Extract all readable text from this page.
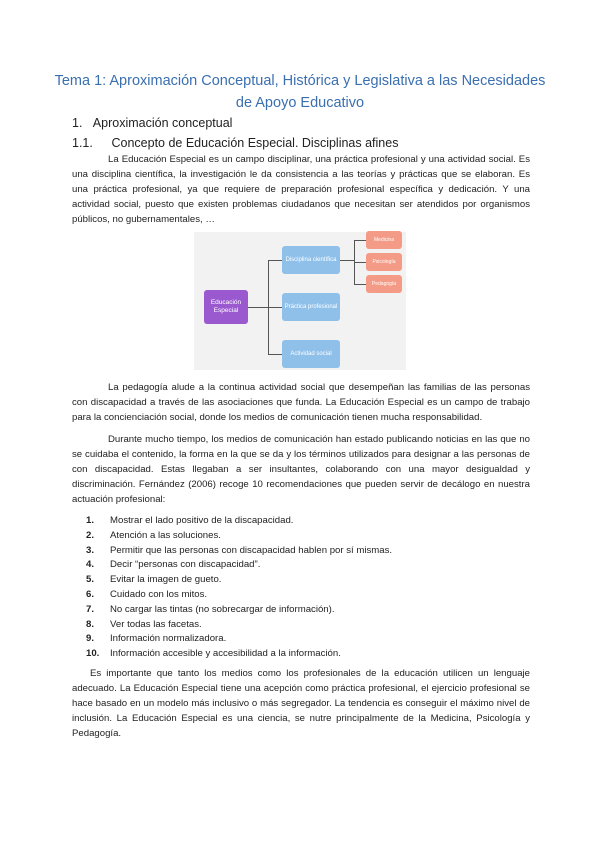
Tema 1: Aproximación Conceptual, Histórica y Legislativa a las Necesidades
de Apoyo Educativo
1. Aproximación conceptual
1.1. Concepto de Educación Especial. Disciplinas afines

La Educación Especial es un campo disciplinar, una práctica profesional y una actividad social. Es una disciplina científica, la investigación le da consistencia a las teorías y prácticas que se elaboran. Es una práctica profesional, ya que requiere de preparación profesional específica y dedicación. Y una actividad social, puesto que existen problemas ciudadanos que necesitan ser atendidos por organismos públicos, no gubernamentales, …

Educación Especial
Disciplina científica
Práctica profesional
Actividad social
Medicina
Psicología
Pedagogía

La pedagogía alude a la continua actividad social que desempeñan las familias de las personas con discapacidad a través de las asociaciones que funda. La Educación Especial es un campo de trabajo para la concienciación social, donde los medios de comunicación tienen mucha responsabilidad.

Durante mucho tiempo, los medios de comunicación han estado publicando noticias en las que no se cuidaba el contenido, la forma en la que se da y los términos utilizados para designar a las personas de con discapacidad. Estas llegaban a ser insultantes, colaborando con una mayor desigualdad y discriminación. Fernández (2006) recoge 10 recomendaciones que pueden servir de decálogo en nuestra actuación profesional:

1.	Mostrar el lado positivo de la discapacidad.
2.	Atención a las soluciones.
3.	Permitir que las personas con discapacidad hablen por sí mismas.
4.	Decir “personas con discapacidad”.
5.	Evitar la imagen de gueto.
6.	Cuidado con los mitos.
7.	No cargar las tintas (no sobrecargar de información).
8.	Ver todas las facetas.
9.	Información normalizadora.
10.	Información accesible y accesibilidad a la información.

Es importante que tanto los medios como los profesionales de la educación utilicen un lenguaje adecuado. La Educación Especial tiene una acepción como práctica profesional, el ejercicio profesional se hace basado en un modelo más inclusivo o más segregador. La tendencia es conseguir el máximo nivel de inclusión. La Educación Especial es una ciencia, se nutre principalmente de la Medicina, Psicología y Pedagogía.
